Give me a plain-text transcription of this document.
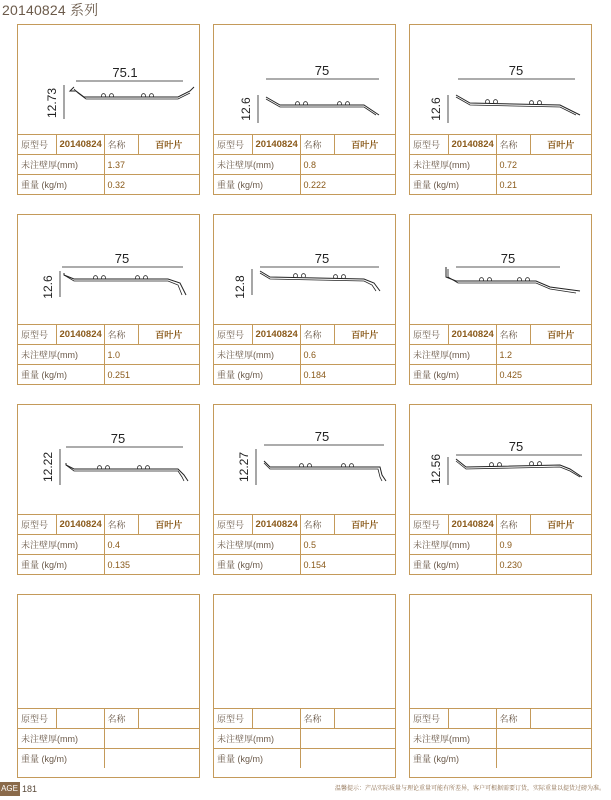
20140824 系列
75.1
12.73
原型号	20140824	名称	百叶片
未注壁厚(mm)		1.37	
重量 (kg/m)		0.32	
75
12.6
原型号	20140824	名称	百叶片
未注壁厚(mm)		0.8	
重量 (kg/m)		0.222	
75
12.6
原型号	20140824	名称	百叶片
未注壁厚(mm)		0.72	
重量 (kg/m)		0.21	
75
12.6
原型号	20140824	名称	百叶片
未注壁厚(mm)		1.0	
重量 (kg/m)		0.251	
75
12.8
原型号	20140824	名称	百叶片
未注壁厚(mm)		0.6	
重量 (kg/m)		0.184	
75
原型号	20140824	名称	百叶片
未注壁厚(mm)		1.2	
重量 (kg/m)		0.425	
75
12.22
原型号	20140824	名称	百叶片
未注壁厚(mm)		0.4	
重量 (kg/m)		0.135	
75
12.27
原型号	20140824	名称	百叶片
未注壁厚(mm)		0.5	
重量 (kg/m)		0.154	
75
12.56
原型号	20140824	名称	百叶片
未注壁厚(mm)		0.9	
重量 (kg/m)		0.230	
原型号		名称	
未注壁厚(mm)			
重量 (kg/m)			
原型号		名称	
未注壁厚(mm)			
重量 (kg/m)			
原型号		名称	
未注壁厚(mm)			
重量 (kg/m)			
AGE 181	温馨提示：产品实际质量与理论重量可能有所差异，客户可根据需要订货，实际重量以提货过磅为准。
